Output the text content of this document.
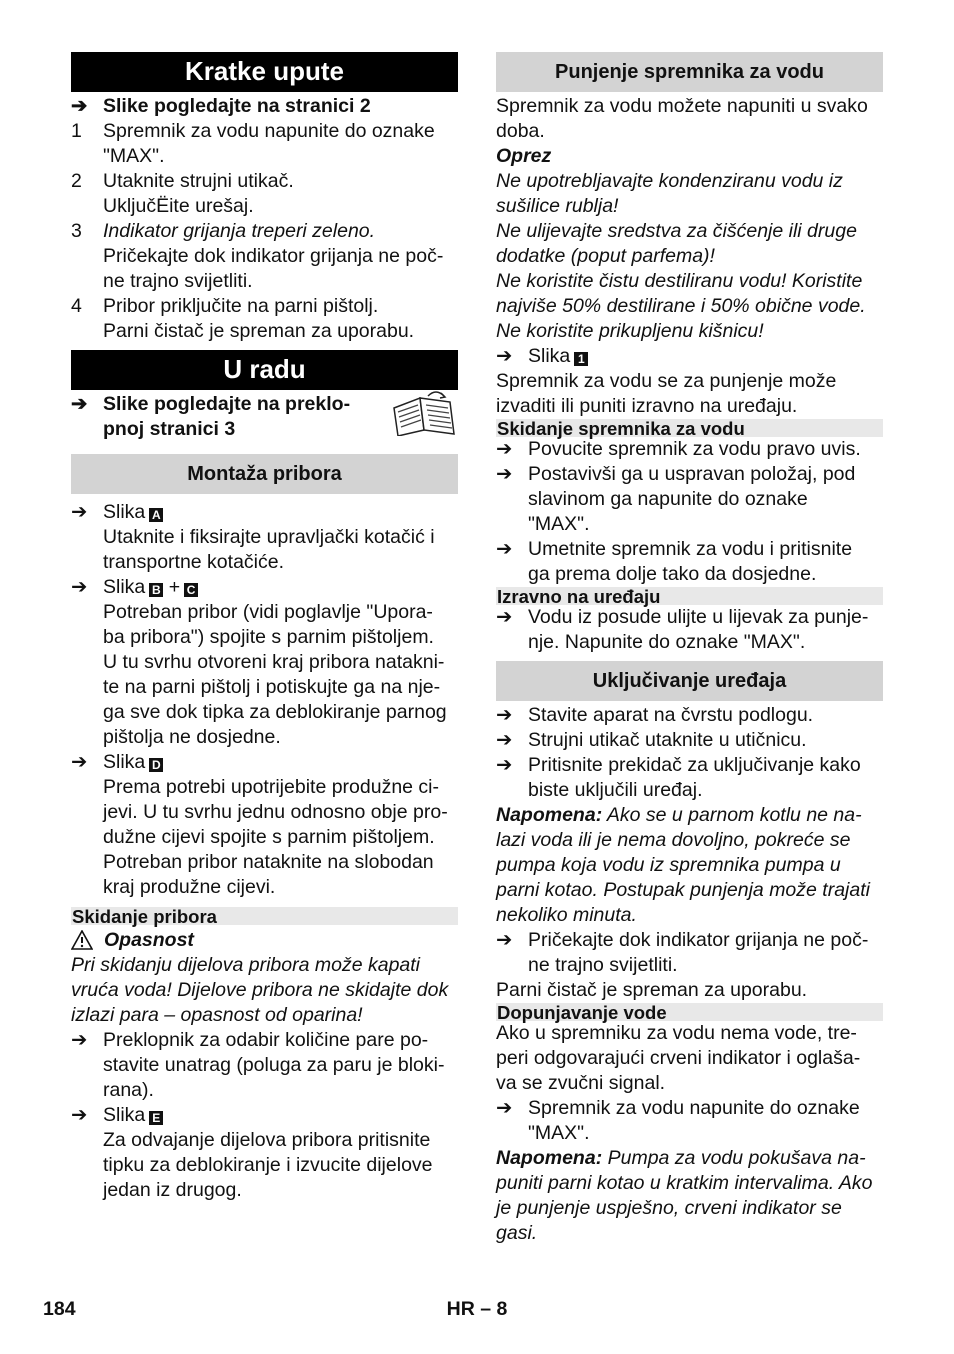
Kratke upute
➔ Slike pogledajte na stranici 2
1	Spremnik za vodu napunite do oznake
"MAX".
2	Utaknite strujni utikač.
UključËite urešaj.
3	Indikator grijanja treperi zeleno.
Pričekajte dok indikator grijanja ne poč-
ne trajno svijetliti.
4	Pribor priključite na parni pištolj.
Parni čistač je spreman za uporabu.
U radu
➔ Slike pogledajte na preklo-
pnoj stranici 3
Montaža pribora
➔ Slika A
Utaknite i fiksirajte upravljački kotačić i
transportne kotačiće.
➔ Slika B + C
Potreban pribor (vidi poglavlje "Upora-
ba pribora") spojite s parnim pištoljem.
U tu svrhu otvoreni kraj pribora natakni-
te na parni pištolj i potiskujte ga na nje-
ga sve dok tipka za deblokiranje parnog
pištolja ne dosjedne.
➔ Slika D
Prema potrebi upotrijebite produžne ci-
jevi. U tu svrhu jednu odnosno obje pro-
dužne cijevi spojite s parnim pištoljem.
Potreban pribor nataknite na slobodan
kraj produžne cijevi.
Skidanje pribora
Opasnost
Pri skidanju dijelova pribora može kapati
vruća voda! Dijelove pribora ne skidajte dok
izlazi para – opasnost od oparina!
➔ Preklopnik za odabir količine pare po-
stavite unatrag (poluga za paru je bloki-
rana).
➔ Slika E
Za odvajanje dijelova pribora pritisnite
tipku za deblokiranje i izvucite dijelove
jedan iz drugog.
Punjenje spremnika za vodu
Spremnik za vodu možete napuniti u svako
doba.
Oprez
Ne upotrebljavajte kondenziranu vodu iz
sušilice rublja!
Ne ulijevajte sredstva za čišćenje ili druge
dodatke (poput parfema)!
Ne koristite čistu destiliranu vodu! Koristite
najviše 50% destilirane i 50% obične vode.
Ne koristite prikupljenu kišnicu!
➔ Slika 1
Spremnik za vodu se za punjenje može
izvaditi ili puniti izravno na uređaju.
Skidanje spremnika za vodu
➔ Povucite spremnik za vodu pravo uvis.
➔ Postavivši ga u uspravan položaj, pod
slavinom ga napunite do oznake
"MAX".
➔ Umetnite spremnik za vodu i pritisnite
ga prema dolje tako da dosjedne.
Izravno na uređaju
➔ Vodu iz posude ulijte u lijevak za punje-
nje. Napunite do oznake "MAX".
Uključivanje uređaja
➔ Stavite aparat na čvrstu podlogu.
➔ Strujni utikač utaknite u utičnicu.
➔ Pritisnite prekidač za uključivanje kako
biste uključili uređaj.
Napomena: Ako se u parnom kotlu ne na-
lazi voda ili je nema dovoljno, pokreće se
pumpa koja vodu iz spremnika pumpa u
parni kotao. Postupak punjenja može trajati
nekoliko minuta.
➔ Pričekajte dok indikator grijanja ne poč-
ne trajno svijetliti.
Parni čistač je spreman za uporabu.
Dopunjavanje vode
Ako u spremniku za vodu nema vode, tre-
peri odgovarajući crveni indikator i oglaša-
va se zvučni signal.
➔ Spremnik za vodu napunite do oznake
"MAX".
Napomena: Pumpa za vodu pokušava na-
puniti parni kotao u kratkim intervalima. Ako
je punjenje uspješno, crveni indikator se
gasi.
184	HR – 8
